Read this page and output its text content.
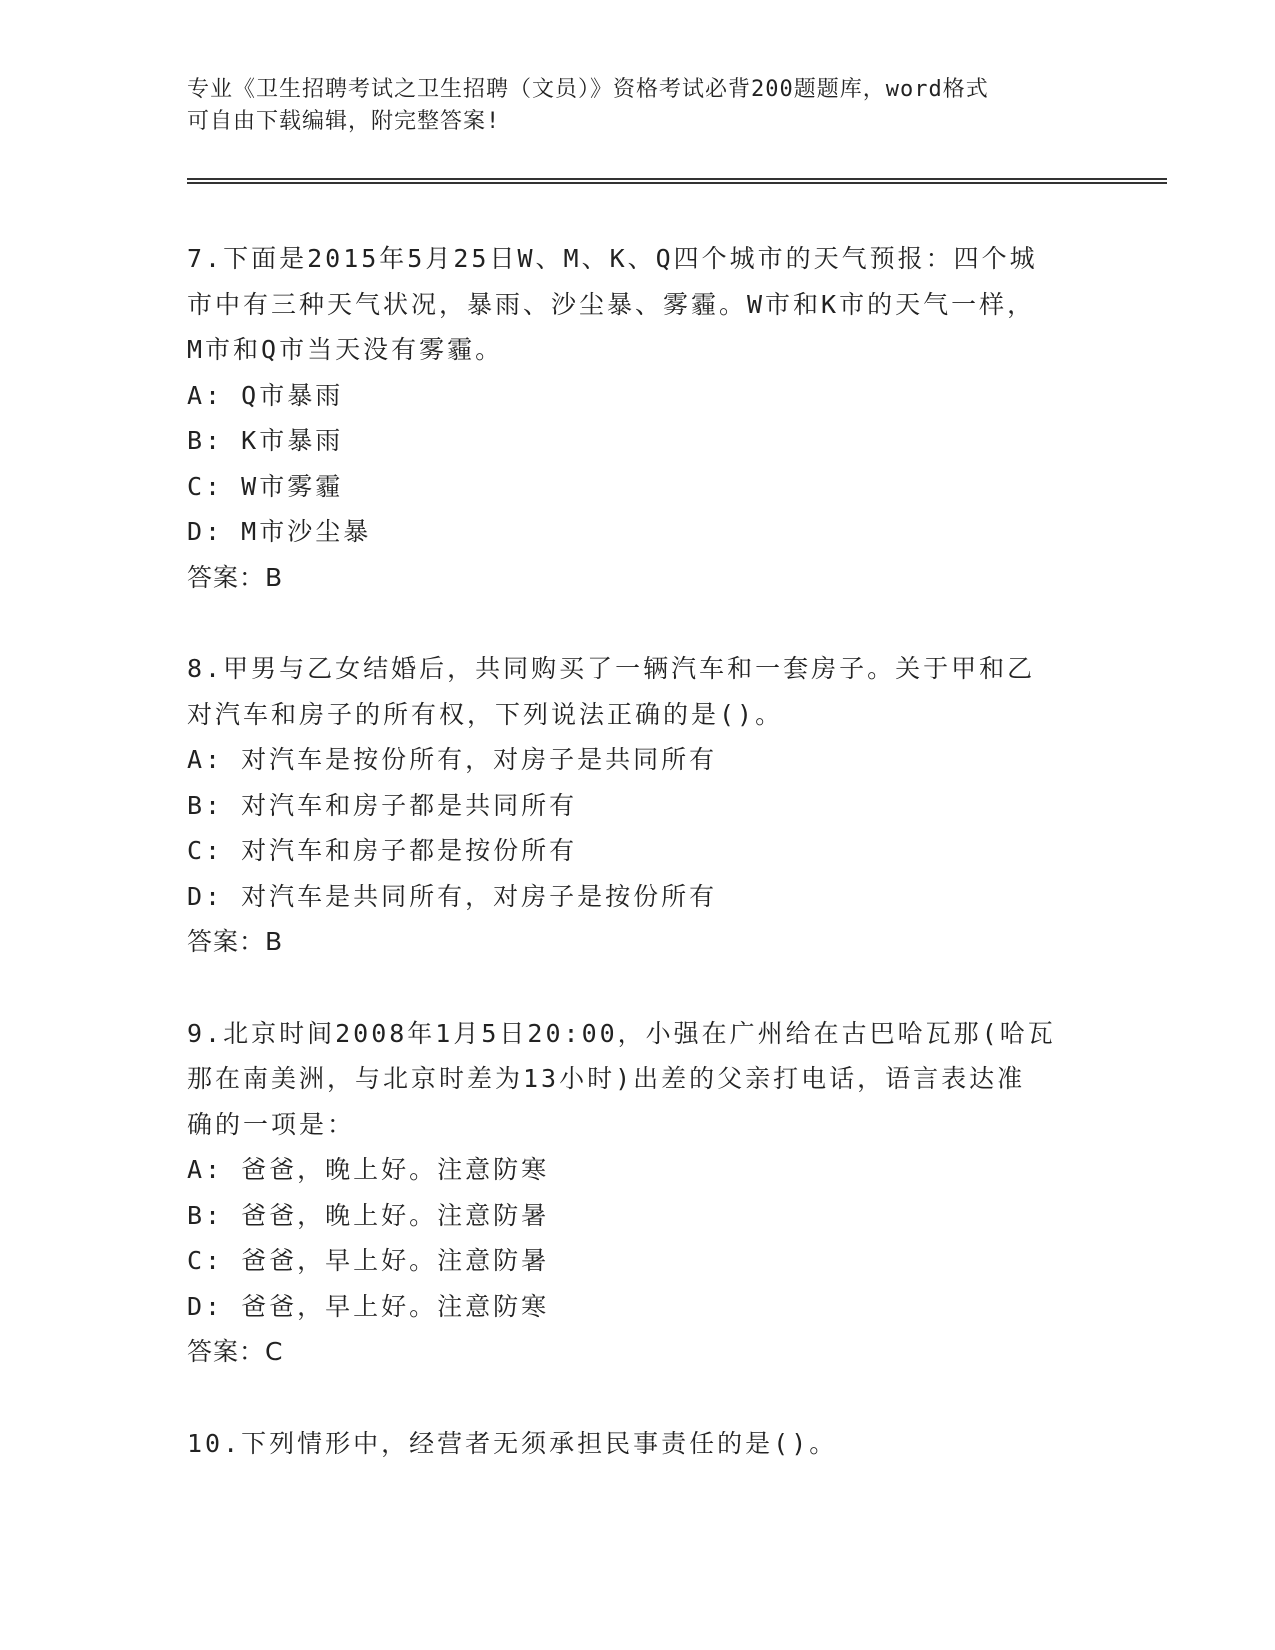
专业《卫生招聘考试之卫生招聘（文员）》资格考试必背200题题库，word格式
可自由下载编辑，附完整答案!
7.下面是2015年5月25日W、M、K、Q四个城市的天气预报：四个城
市中有三种天气状况，暴雨、沙尘暴、雾霾。W市和K市的天气一样，
M市和Q市当天没有雾霾。
A: Q市暴雨
B: K市暴雨
C: W市雾霾
D: M市沙尘暴
答案：B
8.甲男与乙女结婚后，共同购买了一辆汽车和一套房子。关于甲和乙
对汽车和房子的所有权，下列说法正确的是()。
A: 对汽车是按份所有，对房子是共同所有
B: 对汽车和房子都是共同所有
C: 对汽车和房子都是按份所有
D: 对汽车是共同所有，对房子是按份所有
答案：B
9.北京时间2008年1月5日20:00，小强在广州给在古巴哈瓦那(哈瓦
那在南美洲，与北京时差为13小时)出差的父亲打电话，语言表达准
确的一项是：
A: 爸爸，晚上好。注意防寒
B: 爸爸，晚上好。注意防暑
C: 爸爸，早上好。注意防暑
D: 爸爸，早上好。注意防寒
答案：C
10.下列情形中，经营者无须承担民事责任的是()。
